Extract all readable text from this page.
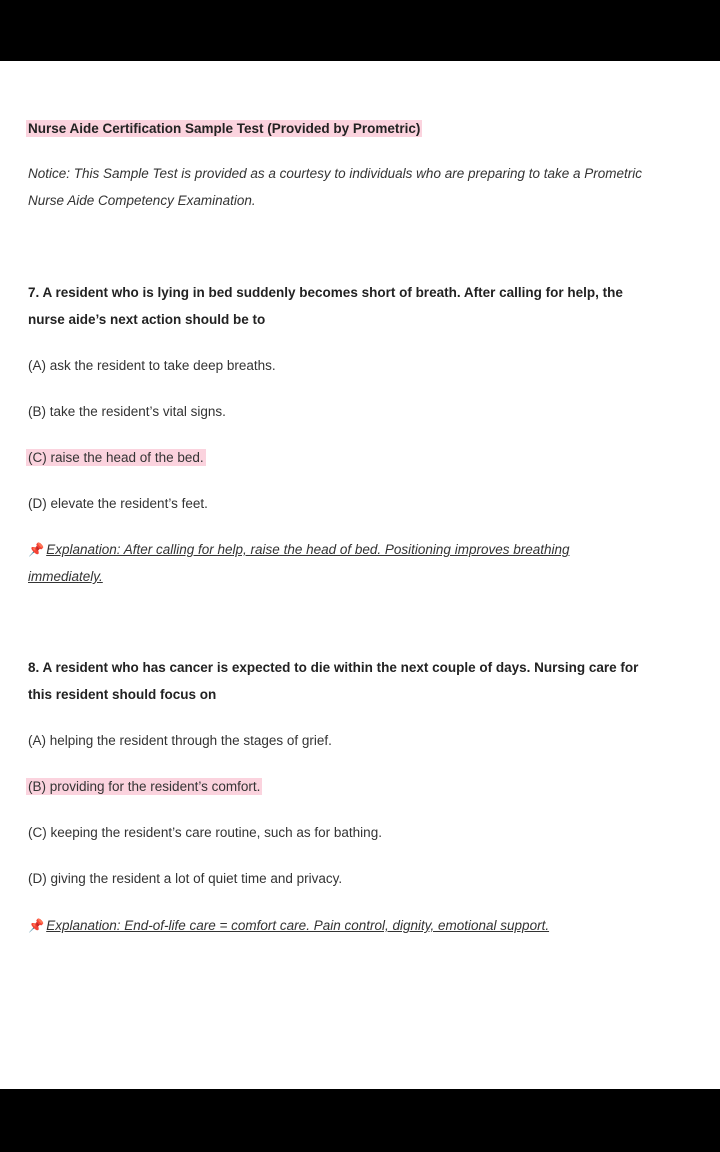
Nurse Aide Certification Sample Test (Provided by Prometric)
Notice: This Sample Test is provided as a courtesy to individuals who are preparing to take a Prometric
Nurse Aide Competency Examination.
7. A resident who is lying in bed suddenly becomes short of breath. After calling for help, the
nurse aide’s next action should be to
(A) ask the resident to take deep breaths.
(B) take the resident’s vital signs.
(C) raise the head of the bed.
(D) elevate the resident’s feet.
📌 Explanation: After calling for help, raise the head of bed. Positioning improves breathing
immediately.
8. A resident who has cancer is expected to die within the next couple of days. Nursing care for
this resident should focus on
(A) helping the resident through the stages of grief.
(B) providing for the resident’s comfort.
(C) keeping the resident’s care routine, such as for bathing.
(D) giving the resident a lot of quiet time and privacy.
📌 Explanation: End-of-life care = comfort care. Pain control, dignity, emotional support.
